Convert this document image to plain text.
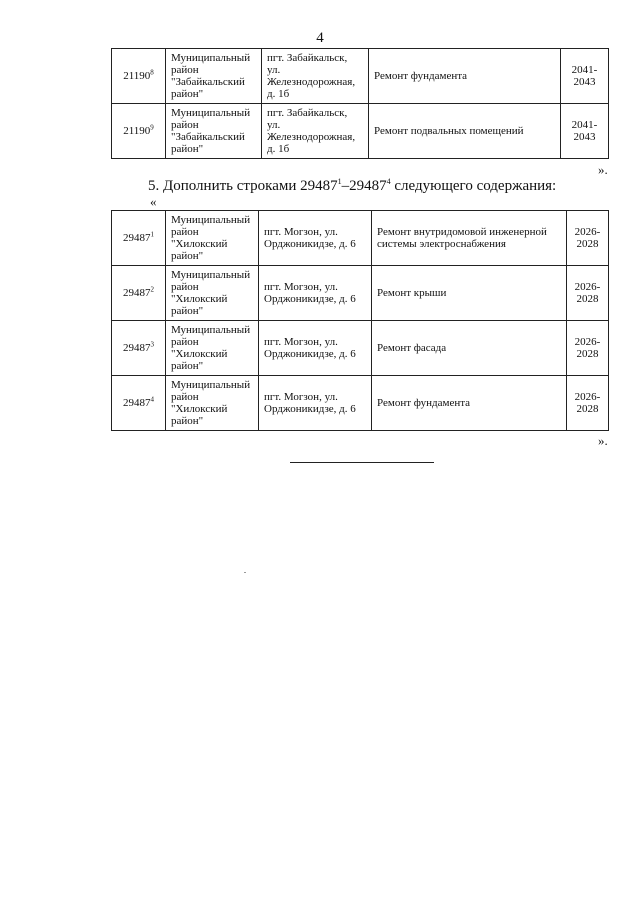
4
21190$^8$	Муниципальный
район
"Забайкальский
район"	пгт. Забайкальск,
ул.
Железнодорожная,
д. 1б	Ремонт фундамента	2041-
2043
21190$^9$	Муниципальный
район
"Забайкальский
район"	пгт. Забайкальск,
ул.
Железнодорожная,
д. 1б	Ремонт подвальных помещений	2041-
2043
».
5. Дополнить строками 29487$^1$–29487$^4$ следующего содержания:
«
29487$^1$	Муниципальный
район
"Хилокский
район"	пгт. Могзон, ул.
Орджоникидзе, д. 6	Ремонт внутридомовой инженерной системы электроснабжения	2026-
2028
29487$^2$	Муниципальный
район
"Хилокский
район"	пгт. Могзон, ул.
Орджоникидзе, д. 6	Ремонт крыши	2026-
2028
29487$^3$	Муниципальный
район
"Хилокский
район"	пгт. Могзон, ул.
Орджоникидзе, д. 6	Ремонт фасада	2026-
2028
29487$^4$	Муниципальный
район
"Хилокский
район"	пгт. Могзон, ул.
Орджоникидзе, д. 6	Ремонт фундамента	2026-
2028
».
